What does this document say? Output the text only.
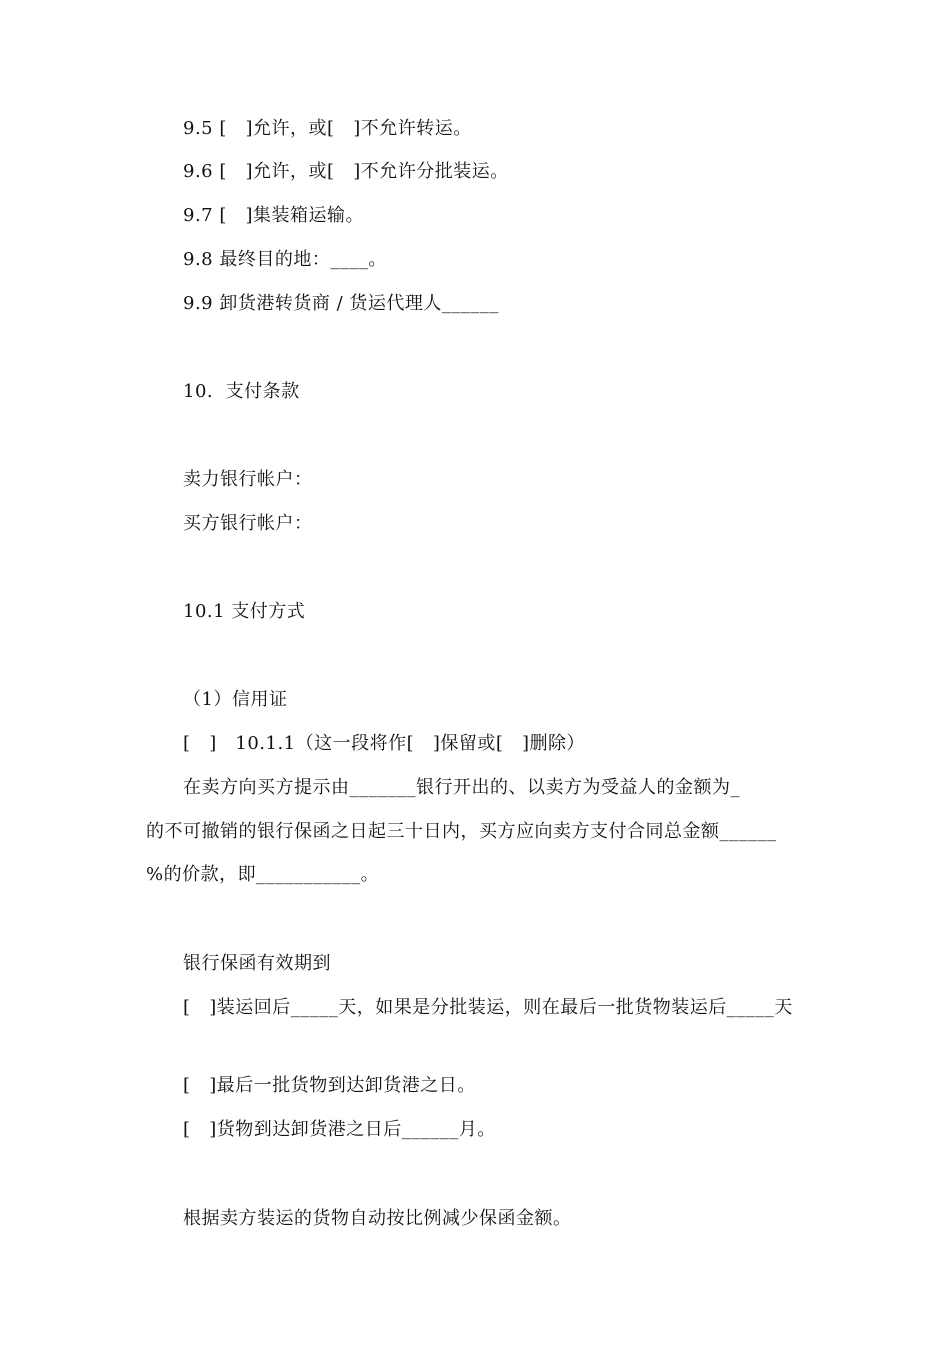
9.5 [   ]允许，或[   ]不允许转运。
9.6 [   ]允许，或[   ]不允许分批装运。
9.7 [   ]集装箱运输。
9.8 最终目的地：____。
9.9 卸货港转货商 / 货运代理人______
10.  支付条款
卖力银行帐户：
买方银行帐户：
10.1 支付方式
（1）信用证
[   ]   10.1.1（这一段将作[   ]保留或[   ]删除）
在卖方向买方提示由_______银行开出的、以卖方为受益人的金额为_
的不可撤销的银行保函之日起三十日内，买方应向卖方支付合同总金额______
%的价款，即___________。
银行保函有效期到
[   ]装运回后_____天，如果是分批装运，则在最后一批货物装运后_____天
[   ]最后一批货物到达卸货港之日。
[   ]货物到达卸货港之日后______月。
根据卖方装运的货物自动按比例减少保函金额。
